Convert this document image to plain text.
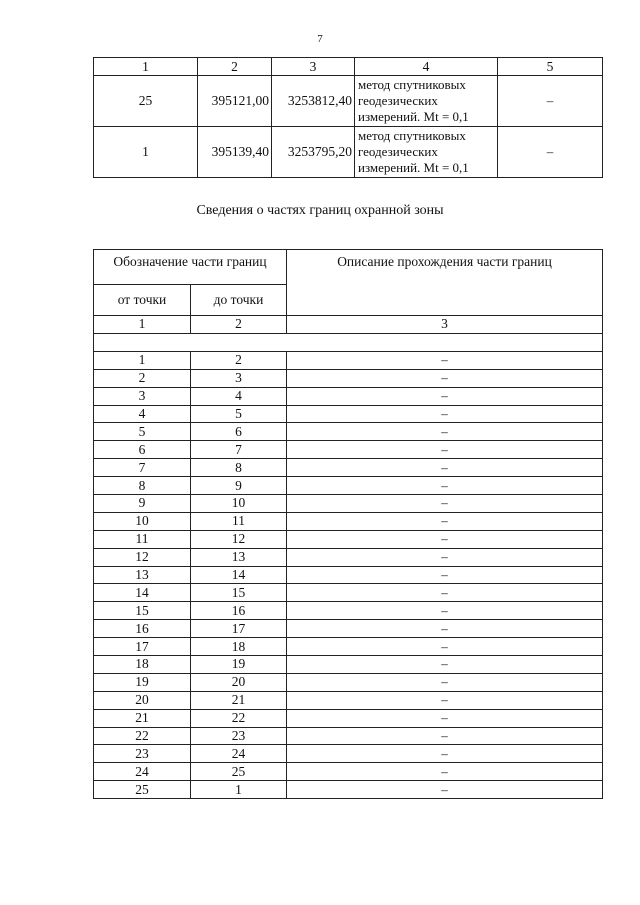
7
1	2	3	4	5
25	395121,00	3253812,40	метод спутниковых
геодезических
измерений. Mt = 0,1	–
1	395139,40	3253795,20	метод спутниковых
геодезических
измерений. Mt = 0,1	–
Сведения о частях границ охранной зоны
Обозначение части границ		Описание прохождения части границ
от точки	до точки	
1	2	3

1	2	–
2	3	–
3	4	–
4	5	–
5	6	–
6	7	–
7	8	–
8	9	–
9	10	–
10	11	–
11	12	–
12	13	–
13	14	–
14	15	–
15	16	–
16	17	–
17	18	–
18	19	–
19	20	–
20	21	–
21	22	–
22	23	–
23	24	–
24	25	–
25	1	–
